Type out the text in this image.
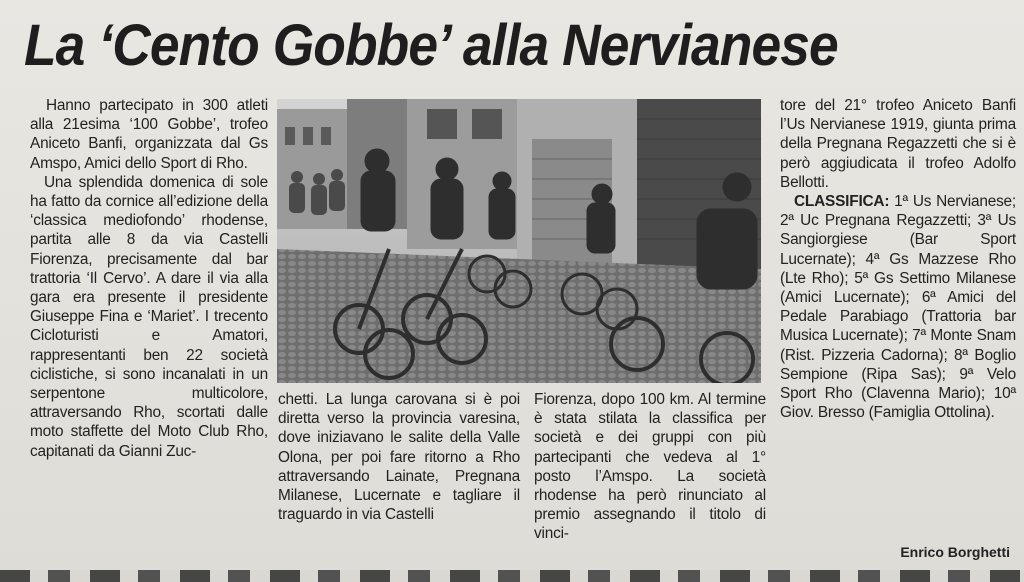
La ‘Cento Gobbe’ alla Nervianese

Hanno partecipato in 300 atleti alla 21esima ‘100 Gobbe’, trofeo Aniceto Banfi, organizzata dal Gs Amspo, Amici dello Sport di Rho.

Una splendida domenica di sole ha fatto da cornice all’edizione della ‘classica mediofondo’ rhodense, partita alle 8 da via Castelli Fiorenza, precisamente dal bar trattoria ‘Il Cervo’. A dare il via alla gara era presente il presidente Giuseppe Fina e ‘Mariet’. I trecento Cicloturisti e Amatori, rappresentanti ben 22 società ciclistiche, si sono incanalati in un serpentone multicolore, attraversando Rho, scortati dalle moto staffette del Moto Club Rho, capitanati da Gianni Zuc-

chetti. La lunga carovana si è poi diretta verso la provincia varesina, dove iniziavano le salite della Valle Olona, per poi fare ritorno a Rho attraversando Lainate, Pregnana Milanese, Lucernate e tagliare il traguardo in via Castelli

Fiorenza, dopo 100 km. Al termine è stata stilata la classifica per società e dei gruppi con più partecipanti che vedeva al 1° posto l’Amspo. La società rhodense ha però rinunciato al premio assegnando il titolo di vinci-

tore del 21° trofeo Aniceto Banfi l’Us Nervianese 1919, giunta prima della Pregnana Regazzetti che si è però aggiudicata il trofeo Adolfo Bellotti.

CLASSIFICA: 1ª Us Nervianese; 2ª Uc Pregnana Regazzetti; 3ª Us Sangiorgiese (Bar Sport Lucernate); 4ª Gs Mazzese Rho (Lte Rho); 5ª Gs Settimo Milanese (Amici Lucernate); 6ª Amici del Pedale Parabiago (Trattoria bar Musica Lucernate); 7ª Monte Snam (Rist. Pizzeria Cadorna); 8ª Boglio Sempione (Ripa Sas); 9ª Velo Sport Rho (Clavenna Mario); 10ª Giov. Bresso (Famiglia Ottolina).

Enrico Borghetti
